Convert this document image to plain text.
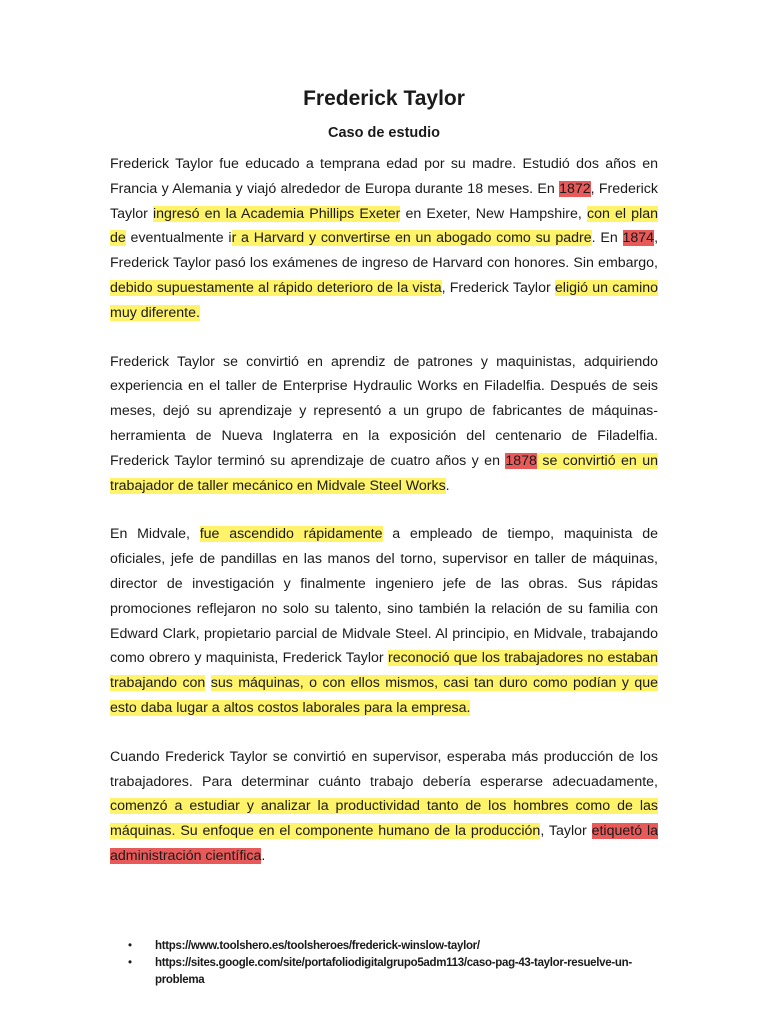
Frederick Taylor
Caso de estudio

Frederick Taylor fue educado a temprana edad por su madre. Estudió dos años en Francia y Alemania y viajó alrededor de Europa durante 18 meses. En 1872, Frederick Taylor ingresó en la Academia Phillips Exeter en Exeter, New Hampshire, con el plan de eventualmente ir a Harvard y convertirse en un abogado como su padre. En 1874, Frederick Taylor pasó los exámenes de ingreso de Harvard con honores. Sin embargo, debido supuestamente al rápido deterioro de la vista, Frederick Taylor eligió un camino muy diferente.

Frederick Taylor se convirtió en aprendiz de patrones y maquinistas, adquiriendo experiencia en el taller de Enterprise Hydraulic Works en Filadelfia. Después de seis meses, dejó su aprendizaje y representó a un grupo de fabricantes de máquinas-herramienta de Nueva Inglaterra en la exposición del centenario de Filadelfia. Frederick Taylor terminó su aprendizaje de cuatro años y en 1878 se convirtió en un trabajador de taller mecánico en Midvale Steel Works.

En Midvale, fue ascendido rápidamente a empleado de tiempo, maquinista de oficiales, jefe de pandillas en las manos del torno, supervisor en taller de máquinas, director de investigación y finalmente ingeniero jefe de las obras. Sus rápidas promociones reflejaron no solo su talento, sino también la relación de su familia con Edward Clark, propietario parcial de Midvale Steel. Al principio, en Midvale, trabajando como obrero y maquinista, Frederick Taylor reconoció que los trabajadores no estaban trabajando con sus máquinas, o con ellos mismos, casi tan duro como podían y que esto daba lugar a altos costos laborales para la empresa.

Cuando Frederick Taylor se convirtió en supervisor, esperaba más producción de los trabajadores. Para determinar cuánto trabajo debería esperarse adecuadamente, comenzó a estudiar y analizar la productividad tanto de los hombres como de las máquinas. Su enfoque en el componente humano de la producción, Taylor etiquetó la administración científica.

• https://www.toolshero.es/toolsheroes/frederick-winslow-taylor/
• https://sites.google.com/site/portafoliodigitalgrupo5adm113/caso-pag-43-taylor-resuelve-un-problema
